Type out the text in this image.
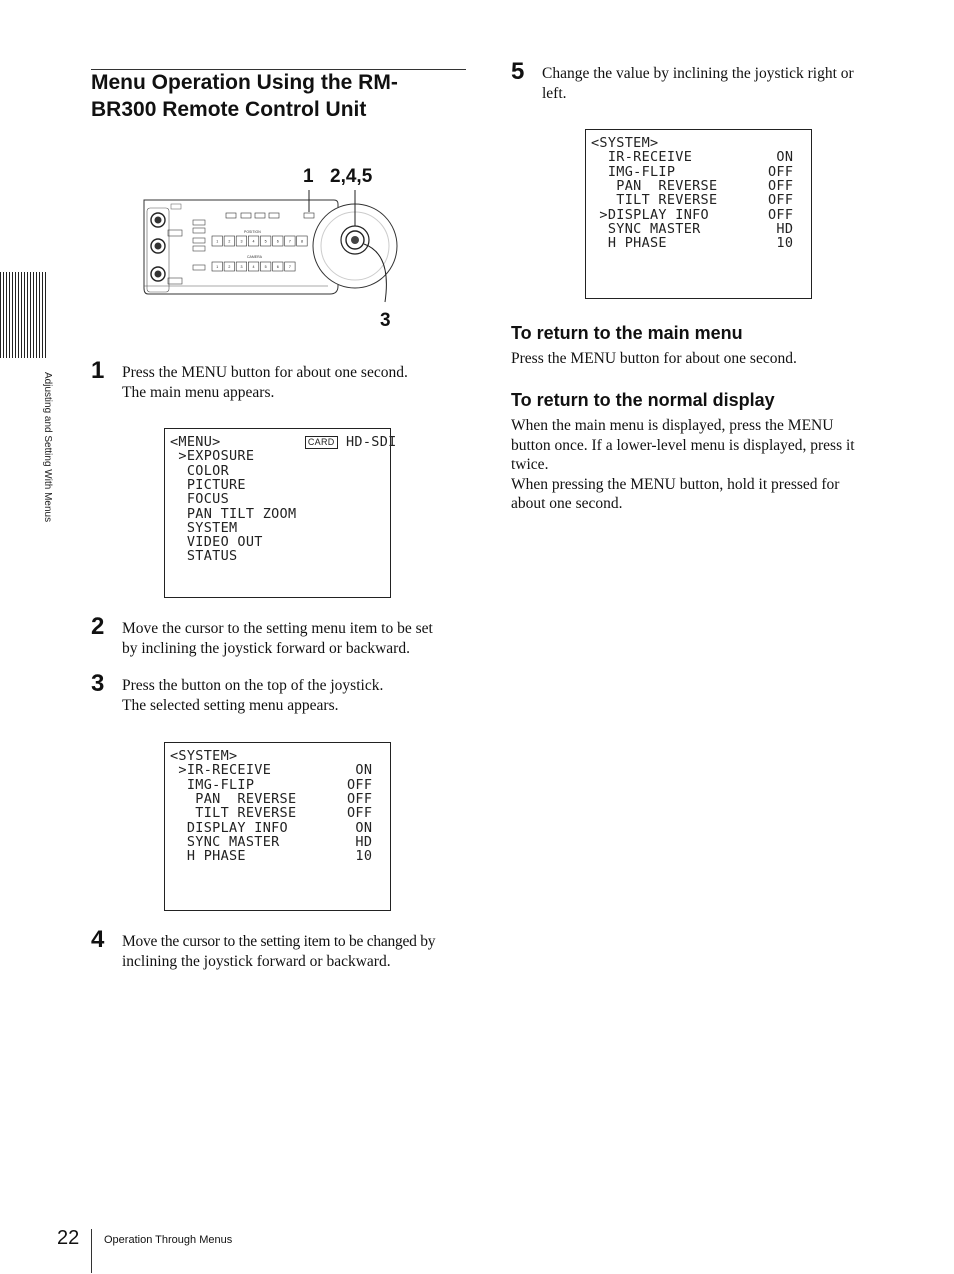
Adjusting and Setting With Menus
Menu Operation Using the RM-
BR300 Remote Control Unit
1 2,4,5
3
POSITION
1	2	3	4	5	6	7	8
CAMERA
1	2	3	4	5	6	7
1 Press the MENU button for about one second.
The main menu appears.
<MENU>	CARD HD-SDI
>EXPOSURE
COLOR
PICTURE
FOCUS
PAN TILT ZOOM
SYSTEM
VIDEO OUT
STATUS
2 Move the cursor to the setting menu item to be set
by inclining the joystick forward or backward.
3 Press the button on the top of the joystick.
The selected setting menu appears.
<SYSTEM>
>IR-RECEIVE          ON
IMG-FLIP           OFF
PAN  REVERSE      OFF
TILT REVERSE      OFF
DISPLAY INFO        ON
SYNC MASTER         HD
H PHASE             10
4 Move the cursor to the setting item to be changed by
inclining the joystick forward or backward.
5 Change the value by inclining the joystick right or
left.
<SYSTEM>
IR-RECEIVE          ON
IMG-FLIP           OFF
PAN  REVERSE      OFF
TILT REVERSE      OFF
>DISPLAY INFO       OFF
SYNC MASTER         HD
H PHASE             10
To return to the main menu
Press the MENU button for about one second.
To return to the normal display
When the main menu is displayed, press the MENU
button once. If a lower-level menu is displayed, press it
twice.
When pressing the MENU button, hold it pressed for
about one second.
22 Operation Through Menus
